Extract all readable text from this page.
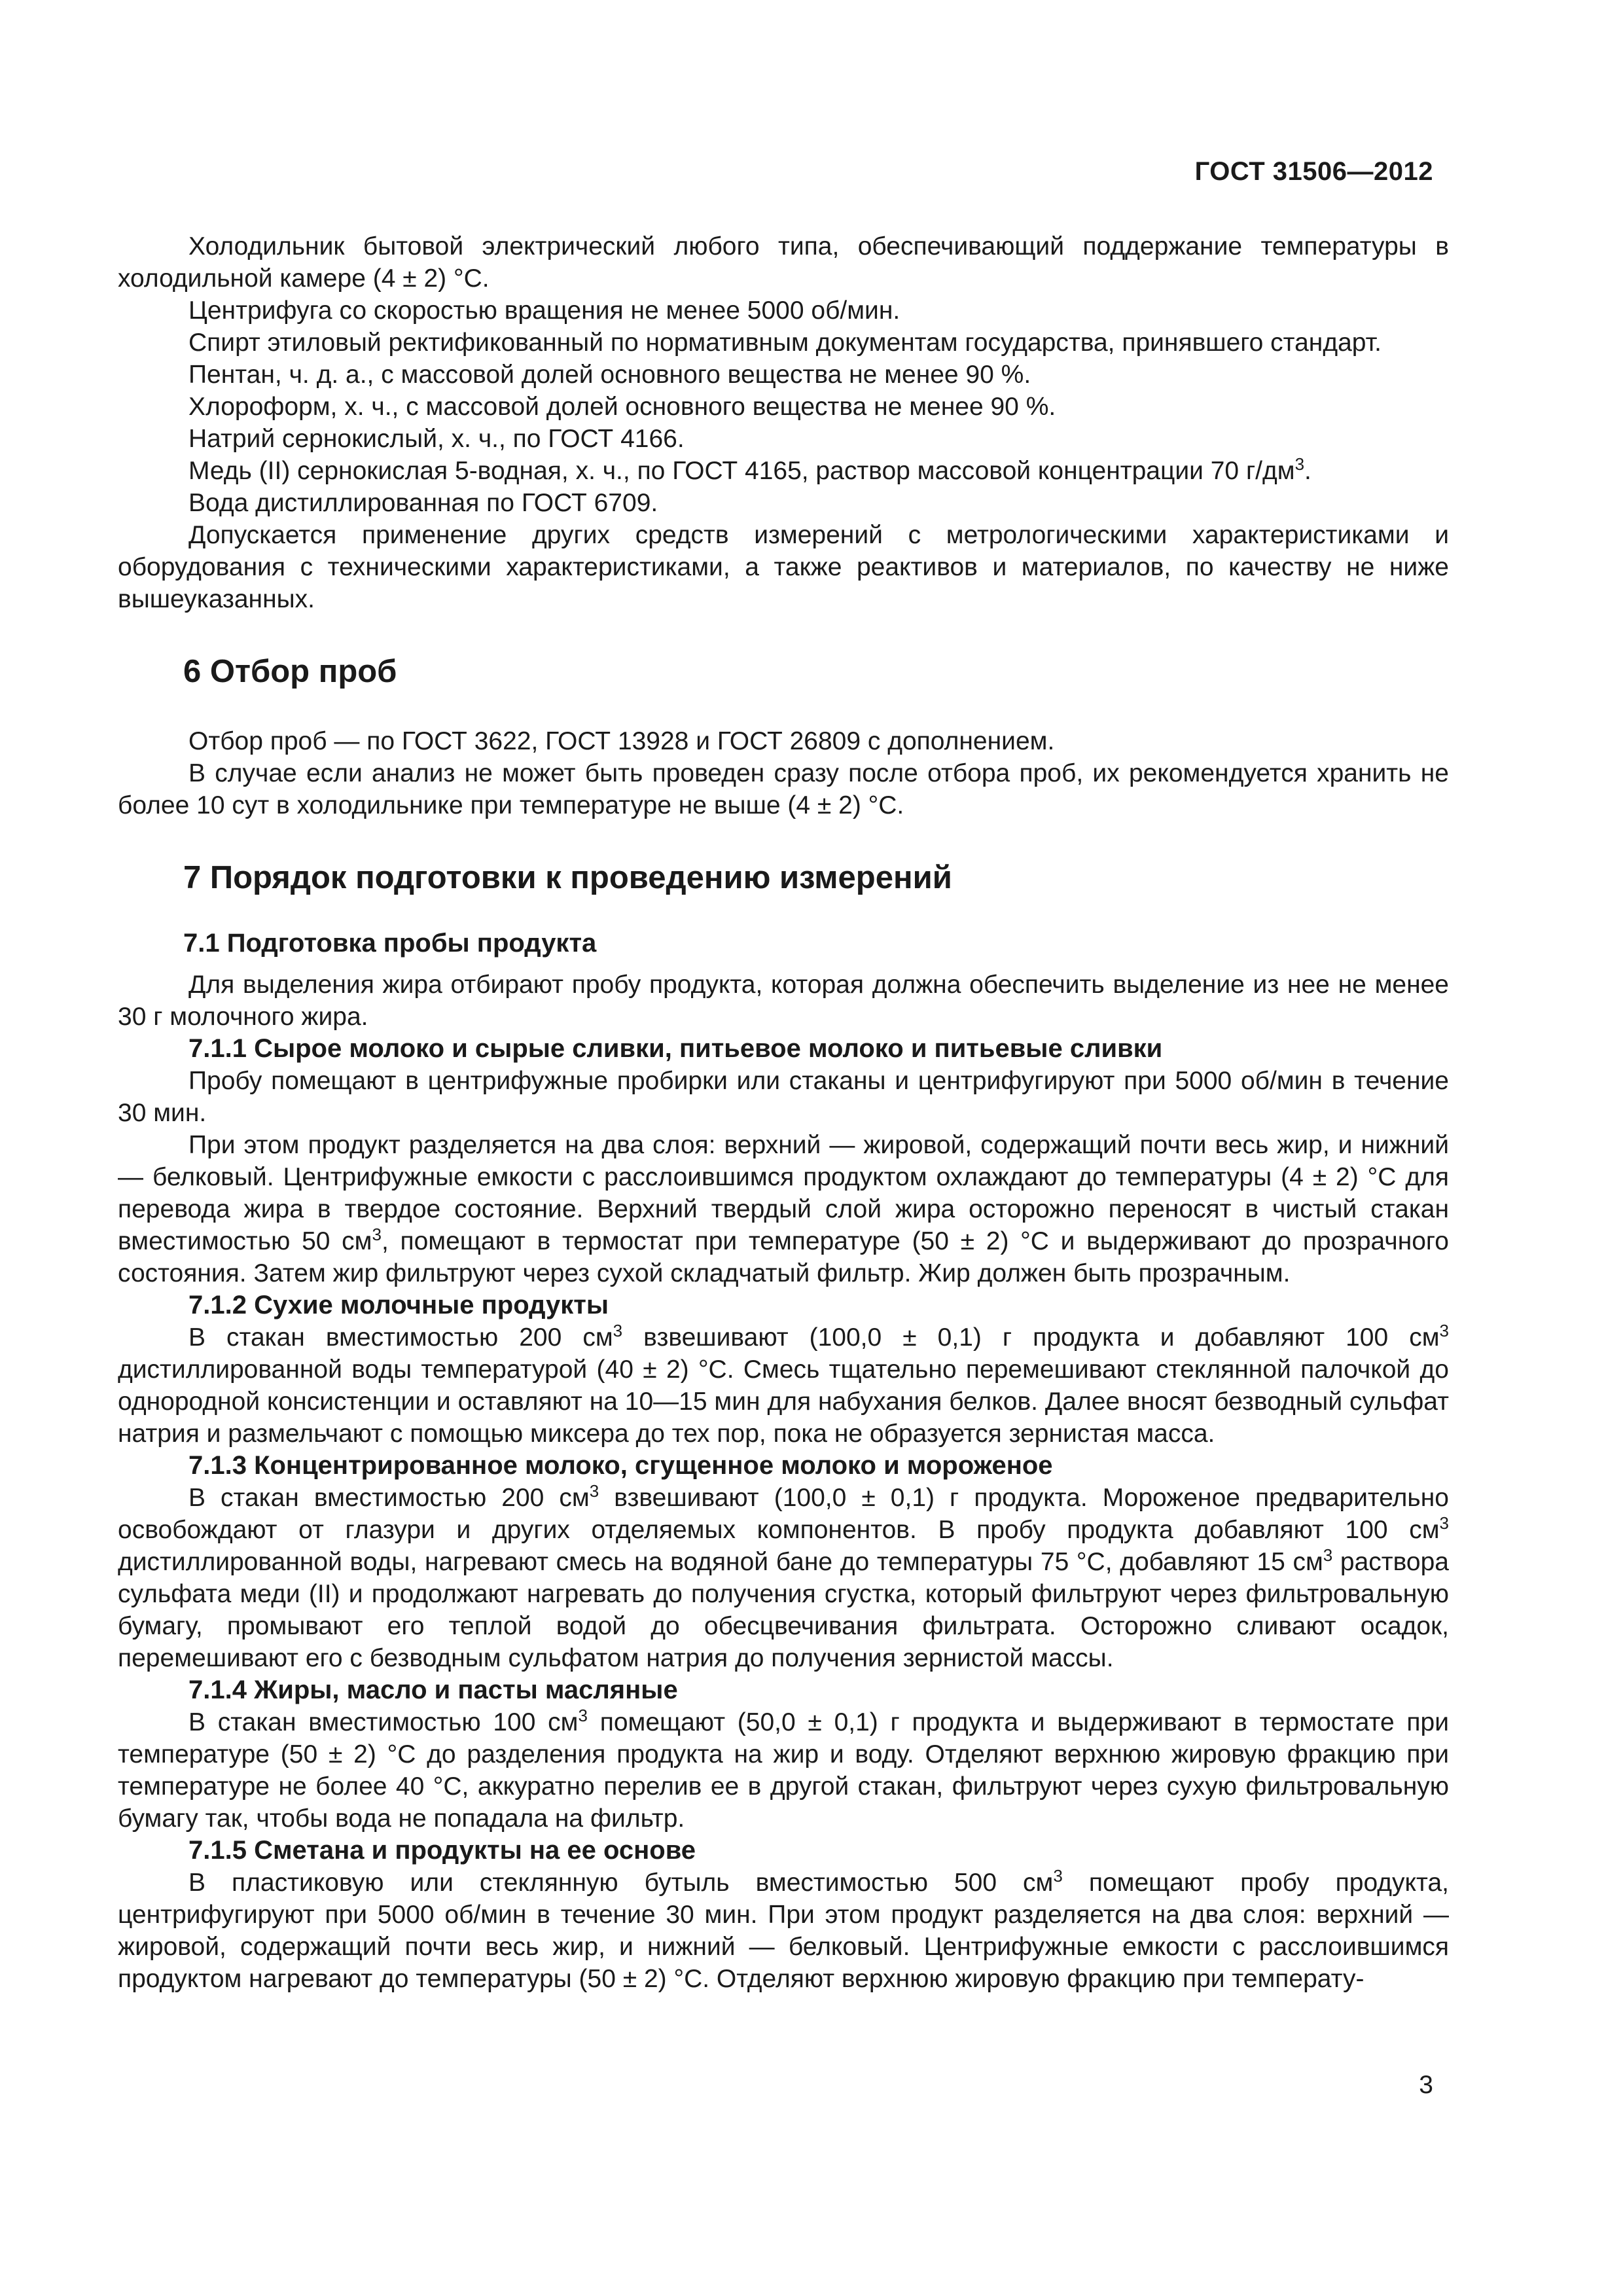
ГОСТ 31506—2012

Холодильник бытовой электрический любого типа, обеспечивающий поддержание температуры в холодильной камере (4 ± 2) °С.

Центрифуга со скоростью вращения не менее 5000 об/мин.

Спирт этиловый ректификованный по нормативным документам государства, принявшего стандарт.

Пентан, ч. д. а., с массовой долей основного вещества не менее 90 %.

Хлороформ, х. ч., с массовой долей основного вещества не менее 90 %.

Натрий сернокислый, х. ч., по ГОСТ 4166.

Медь (II) сернокислая 5-водная, х. ч., по ГОСТ 4165, раствор массовой концентрации 70 $г/дм^3$.

Вода дистиллированная по ГОСТ 6709.

Допускается применение других средств измерений с метрологическими характеристиками и оборудования с техническими характеристиками, а также реактивов и материалов, по качеству не ниже вышеуказанных.

6 Отбор проб

Отбор проб — по ГОСТ 3622, ГОСТ 13928 и ГОСТ 26809 с дополнением.

В случае если анализ не может быть проведен сразу после отбора проб, их рекомендуется хранить не более 10 сут в холодильнике при температуре не выше (4 ± 2) °С.

7 Порядок подготовки к проведению измерений
7.1 Подготовка пробы продукта

Для выделения жира отбирают пробу продукта, которая должна обеспечить выделение из нее не менее 30 г молочного жира.

7.1.1 Сырое молоко и сырые сливки, питьевое молоко и питьевые сливки

Пробу помещают в центрифужные пробирки или стаканы и центрифугируют при 5000 об/мин в течение 30 мин.

При этом продукт разделяется на два слоя: верхний — жировой, содержащий почти весь жир, и нижний — белковый. Центрифужные емкости с расслоившимся продуктом охлаждают до температуры (4 ± 2) °С для перевода жира в твердое состояние. Верхний твердый слой жира осторожно переносят в чистый стакан вместимостью 50 $см^3$, помещают в термостат при температуре (50 ± 2) °С и выдерживают до прозрачного состояния. Затем жир фильтруют через сухой складчатый фильтр. Жир должен быть прозрачным.

7.1.2 Сухие молочные продукты

В стакан вместимостью 200 $см^3$ взвешивают (100,0 ± 0,1) г продукта и добавляют 100 $см^3$ дистиллированной воды температурой (40 ± 2) °С. Смесь тщательно перемешивают стеклянной палочкой до однородной консистенции и оставляют на 10—15 мин для набухания белков. Далее вносят безводный сульфат натрия и размельчают с помощью миксера до тех пор, пока не образуется зернистая масса.

7.1.3 Концентрированное молоко, сгущенное молоко и мороженое

В стакан вместимостью 200 $см^3$ взвешивают (100,0 ± 0,1) г продукта. Мороженое предварительно освобождают от глазури и других отделяемых компонентов. В пробу продукта добавляют 100 $см^3$ дистиллированной воды, нагревают смесь на водяной бане до температуры 75 °С, добавляют 15 $см^3$ раствора сульфата меди (II) и продолжают нагревать до получения сгустка, который фильтруют через фильтровальную бумагу, промывают его теплой водой до обесцвечивания фильтрата. Осторожно сливают осадок, перемешивают его с безводным сульфатом натрия до получения зернистой массы.

7.1.4 Жиры, масло и пасты масляные

В стакан вместимостью 100 $см^3$ помещают (50,0 ± 0,1) г продукта и выдерживают в термостате при температуре (50 ± 2) °С до разделения продукта на жир и воду. Отделяют верхнюю жировую фракцию при температуре не более 40 °С, аккуратно перелив ее в другой стакан, фильтруют через сухую фильтровальную бумагу так, чтобы вода не попадала на фильтр.

7.1.5 Сметана и продукты на ее основе

В пластиковую или стеклянную бутыль вместимостью 500 $см^3$ помещают пробу продукта, центрифугируют при 5000 об/мин в течение 30 мин. При этом продукт разделяется на два слоя: верхний — жировой, содержащий почти весь жир, и нижний — белковый. Центрифужные емкости с расслоившимся продуктом нагревают до температуры (50 ± 2) °С. Отделяют верхнюю жировую фракцию при температу-

3
